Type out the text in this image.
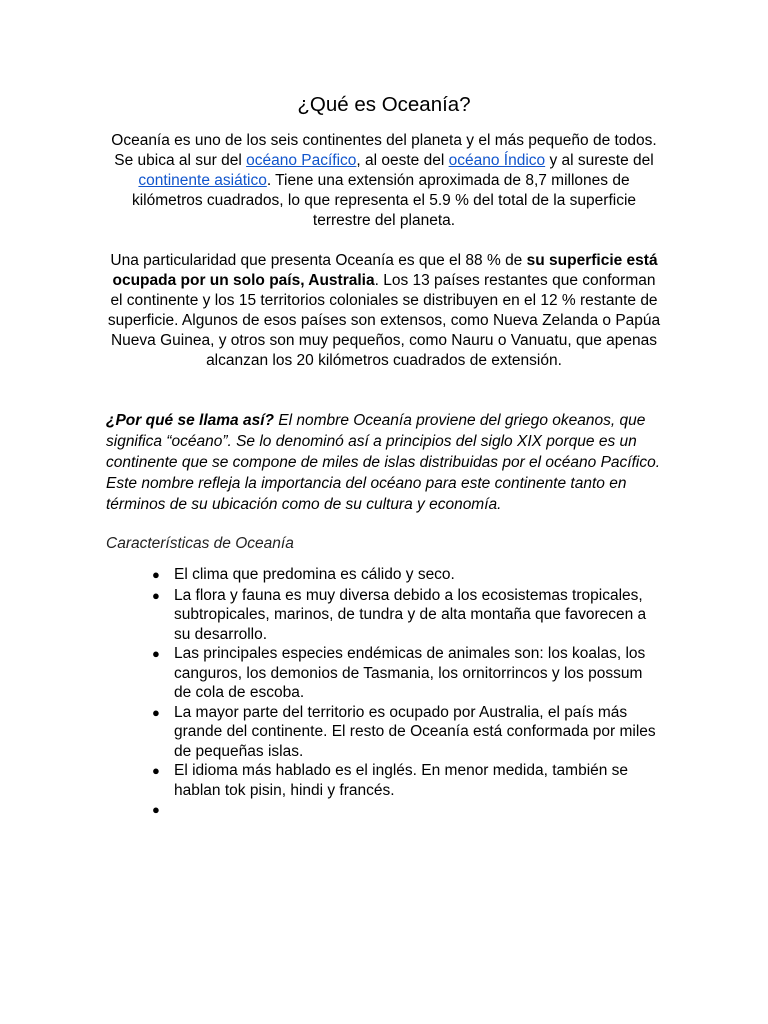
¿Qué es Oceanía?

Oceanía es uno de los seis continentes del planeta y el más pequeño de todos. Se ubica al sur del océano Pacífico, al oeste del océano Índico y al sureste del continente asiático. Tiene una extensión aproximada de 8,7 millones de kilómetros cuadrados, lo que representa el 5.9 % del total de la superficie terrestre del planeta.

Una particularidad que presenta Oceanía es que el 88 % de su superficie está ocupada por un solo país, Australia. Los 13 países restantes que conforman el continente y los 15 territorios coloniales se distribuyen en el 12 % restante de superficie. Algunos de esos países son extensos, como Nueva Zelanda o Papúa Nueva Guinea, y otros son muy pequeños, como Nauru o Vanuatu, que apenas alcanzan los 20 kilómetros cuadrados de extensión.

¿Por qué se llama así? El nombre Oceanía proviene del griego okeanos, que significa “océano”. Se lo denominó así a principios del siglo XIX porque es un continente que se compone de miles de islas distribuidas por el océano Pacífico. Este nombre refleja la importancia del océano para este continente tanto en términos de su ubicación como de su cultura y economía.

Características de Oceanía

● El clima que predomina es cálido y seco.
● La flora y fauna es muy diversa debido a los ecosistemas tropicales, subtropicales, marinos, de tundra y de alta montaña que favorecen a su desarrollo.
● Las principales especies endémicas de animales son: los koalas, los canguros, los demonios de Tasmania, los ornitorrincos y los possum de cola de escoba.
● La mayor parte del territorio es ocupado por Australia, el país más grande del continente. El resto de Oceanía está conformada por miles de pequeñas islas.
● El idioma más hablado es el inglés. En menor medida, también se hablan tok pisin, hindi y francés.
●
